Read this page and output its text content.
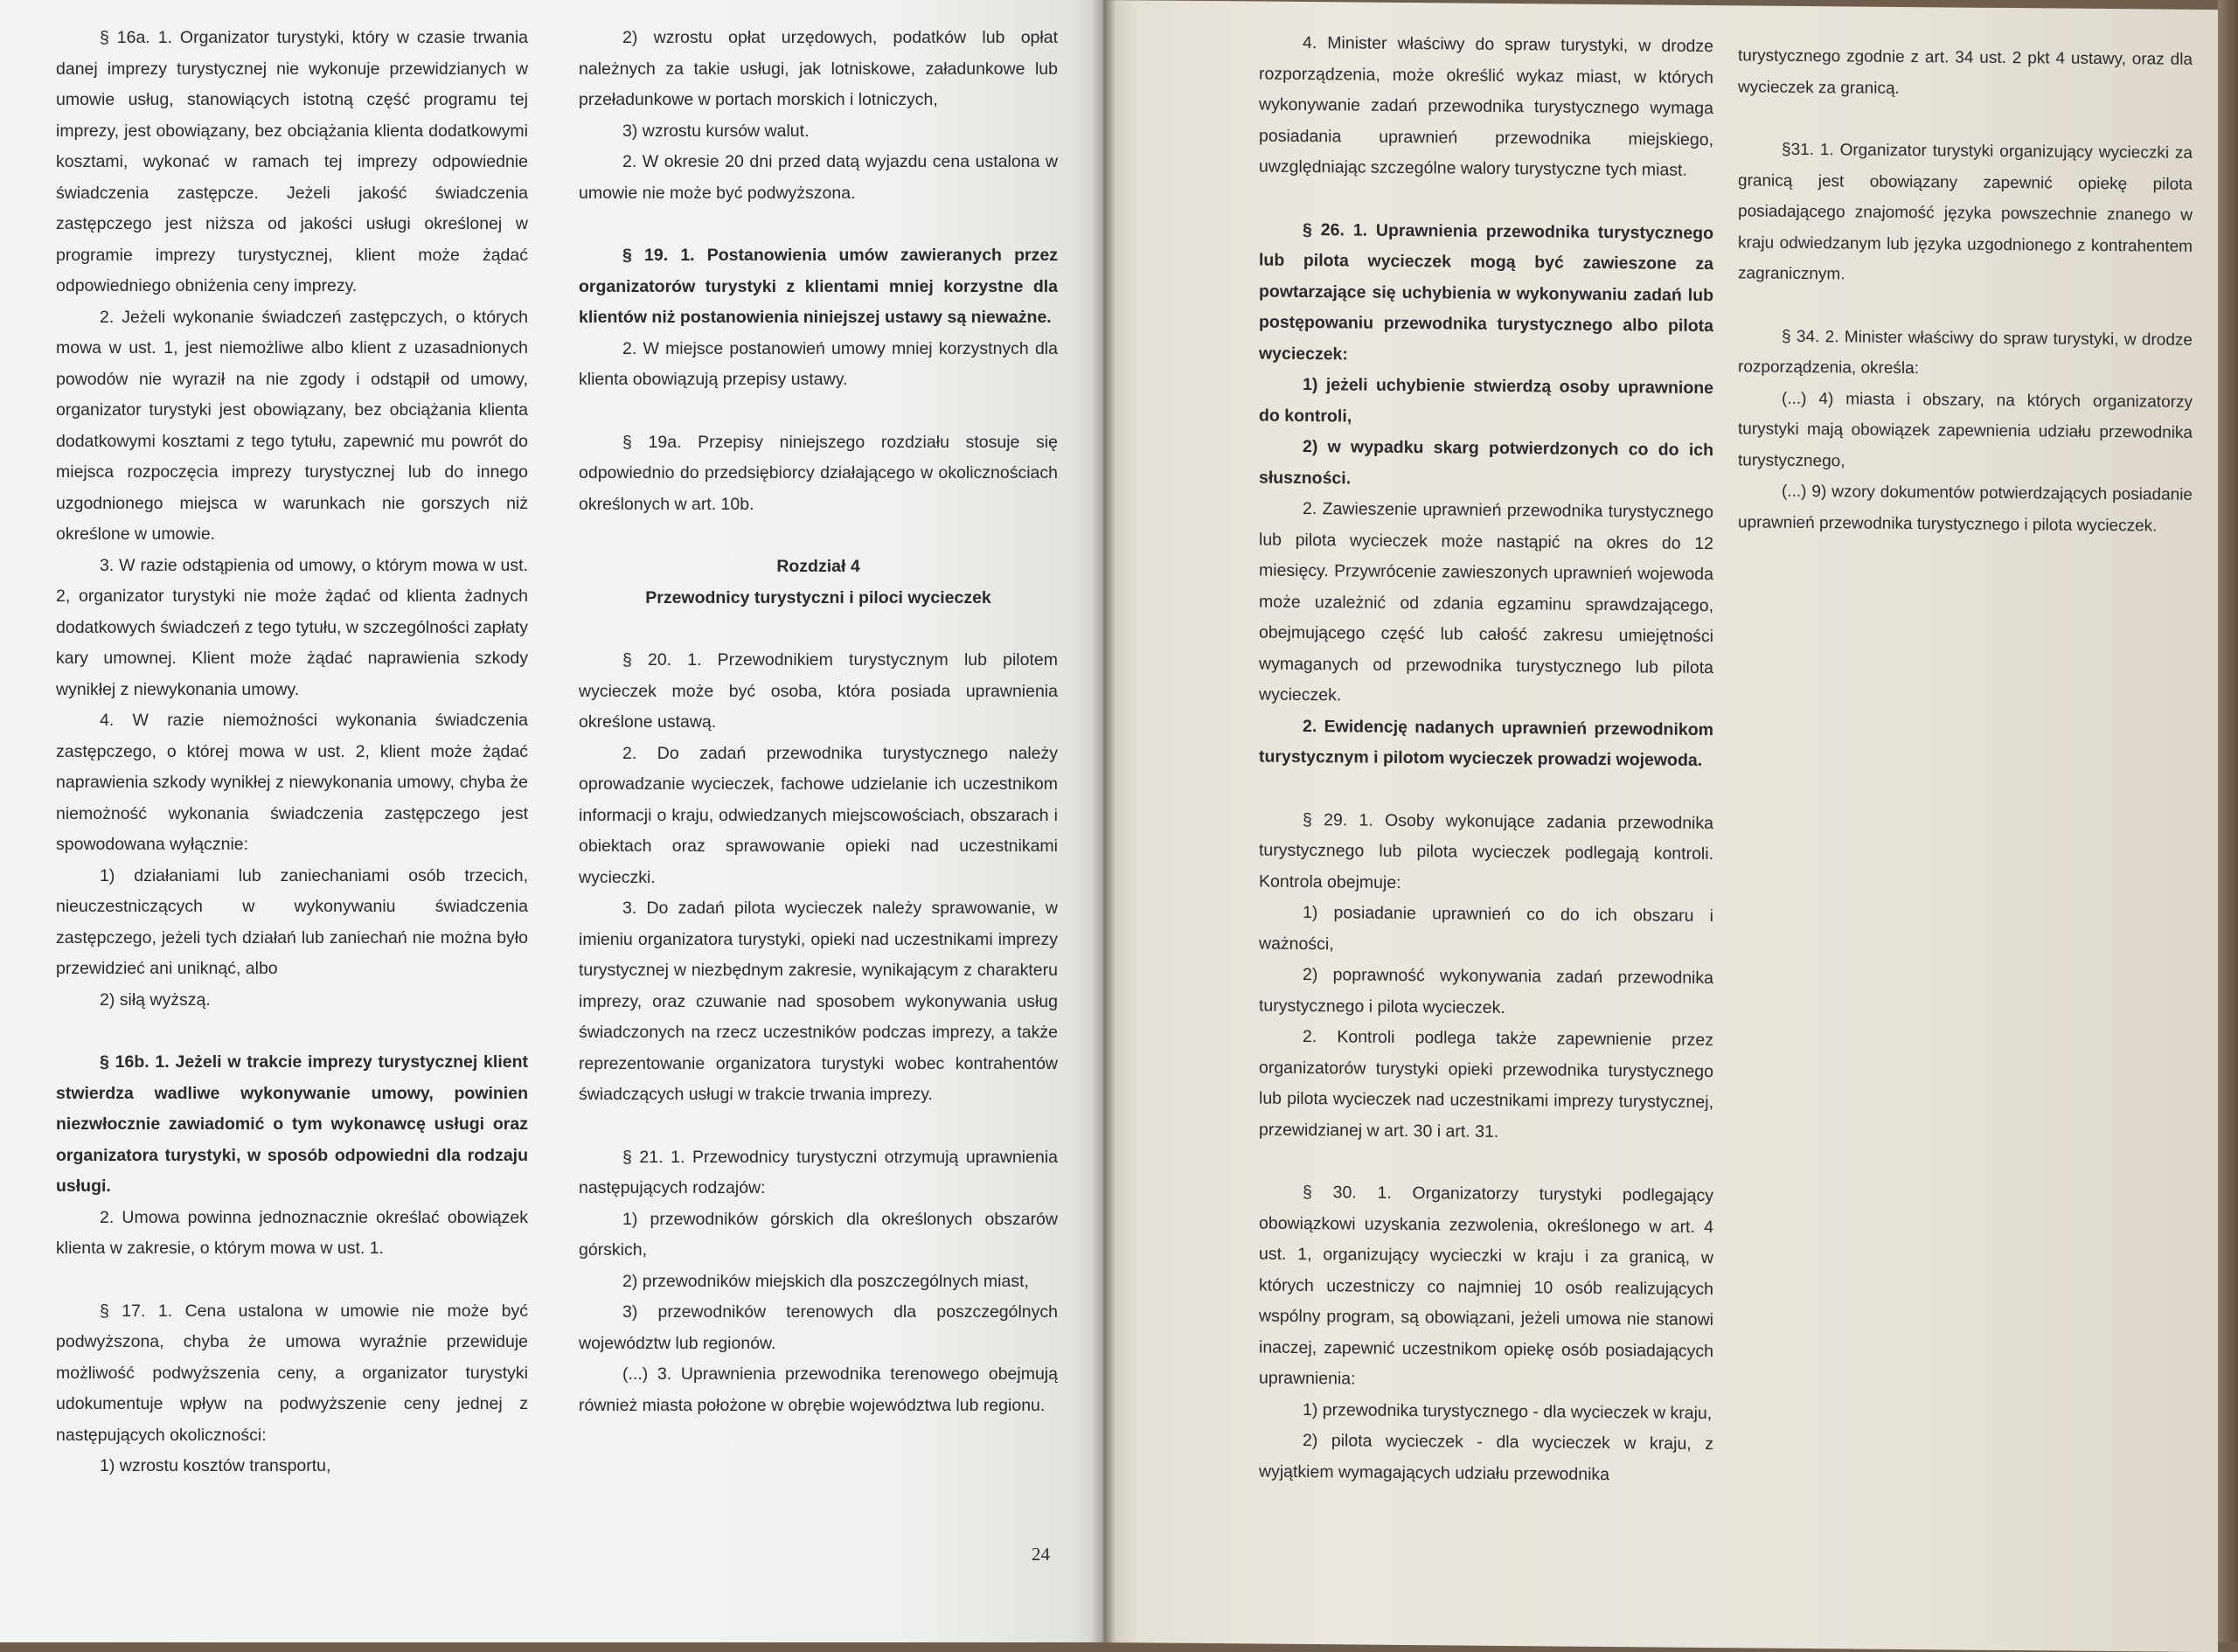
§ 16a. 1. Organizator turystyki, który w czasie trwania danej imprezy turystycznej nie wykonuje przewidzianych w umowie usług, stanowiących istotną część programu tej imprezy, jest obowiązany, bez obciążania klienta dodatkowymi kosztami, wykonać w ramach tej imprezy odpowiednie świadczenia zastępcze. Jeżeli jakość świadczenia zastępczego jest niższa od jakości usługi określonej w programie imprezy turystycznej, klient może żądać odpowiedniego obniżenia ceny imprezy.

2. Jeżeli wykonanie świadczeń zastępczych, o których mowa w ust. 1, jest niemożliwe albo klient z uzasadnionych powodów nie wyraził na nie zgody i odstąpił od umowy, organizator turystyki jest obowiązany, bez obciążania klienta dodatkowymi kosztami z tego tytułu, zapewnić mu powrót do miejsca rozpoczęcia imprezy turystycznej lub do innego uzgodnionego miejsca w warunkach nie gorszych niż określone w umowie.

3. W razie odstąpienia od umowy, o którym mowa w ust. 2, organizator turystyki nie może żądać od klienta żadnych dodatkowych świadczeń z tego tytułu, w szczególności zapłaty kary umownej. Klient może żądać naprawienia szkody wynikłej z niewykonania umowy.

4. W razie niemożności wykonania świadczenia zastępczego, o której mowa w ust. 2, klient może żądać naprawienia szkody wynikłej z niewykonania umowy, chyba że niemożność wykonania świadczenia zastępczego jest spowodowana wyłącznie:

1) działaniami lub zaniechaniami osób trzecich, nieuczestniczących w wykonywaniu świadczenia zastępczego, jeżeli tych działań lub zaniechań nie można było przewidzieć ani uniknąć, albo

2) siłą wyższą.

§ 16b. 1. Jeżeli w trakcie imprezy turystycznej klient stwierdza wadliwe wykonywanie umowy, powinien niezwłocznie zawiadomić o tym wykonawcę usługi oraz organizatora turystyki, w sposób odpowiedni dla rodzaju usługi.

2. Umowa powinna jednoznacznie określać obowiązek klienta w zakresie, o którym mowa w ust. 1.

§ 17. 1. Cena ustalona w umowie nie może być podwyższona, chyba że umowa wyraźnie przewiduje możliwość podwyższenia ceny, a organizator turystyki udokumentuje wpływ na podwyższenie ceny jednej z następujących okoliczności:

1) wzrostu kosztów transportu,

2) wzrostu opłat urzędowych, podatków lub opłat należnych za takie usługi, jak lotniskowe, załadunkowe lub przeładunkowe w portach morskich i lotniczych,

3) wzrostu kursów walut.

2. W okresie 20 dni przed datą wyjazdu cena ustalona w umowie nie może być podwyższona.

§ 19. 1. Postanowienia umów zawieranych przez organizatorów turystyki z klientami mniej korzystne dla klientów niż postanowienia niniejszej ustawy są nieważne.

2. W miejsce postanowień umowy mniej korzystnych dla klienta obowiązują przepisy ustawy.

§ 19a. Przepisy niniejszego rozdziału stosuje się odpowiednio do przedsiębiorcy działającego w okolicznościach określonych w art. 10b.

Rozdział 4

Przewodnicy turystyczni i piloci wycieczek

§ 20. 1. Przewodnikiem turystycznym lub pilotem wycieczek może być osoba, która posiada uprawnienia określone ustawą.

2. Do zadań przewodnika turystycznego należy oprowadzanie wycieczek, fachowe udzielanie ich uczestnikom informacji o kraju, odwiedzanych miejscowościach, obszarach i obiektach oraz sprawowanie opieki nad uczestnikami wycieczki.

3. Do zadań pilota wycieczek należy sprawowanie, w imieniu organizatora turystyki, opieki nad uczestnikami imprezy turystycznej w niezbędnym zakresie, wynikającym z charakteru imprezy, oraz czuwanie nad sposobem wykonywania usług świadczonych na rzecz uczestników podczas imprezy, a także reprezentowanie organizatora turystyki wobec kontrahentów świadczących usługi w trakcie trwania imprezy.

§ 21. 1. Przewodnicy turystyczni otrzymują uprawnienia następujących rodzajów:

1) przewodników górskich dla określonych obszarów górskich,

2) przewodników miejskich dla poszczególnych miast,

3) przewodników terenowych dla poszczególnych województw lub regionów.

(...) 3. Uprawnienia przewodnika terenowego obejmują również miasta położone w obrębie województwa lub regionu.

24

4. Minister właściwy do spraw turystyki, w drodze rozporządzenia, może określić wykaz miast, w których wykonywanie zadań przewodnika turystycznego wymaga posiadania uprawnień przewodnika miejskiego, uwzględniając szczególne walory turystyczne tych miast.

§ 26. 1. Uprawnienia przewodnika turystycznego lub pilota wycieczek mogą być zawieszone za powtarzające się uchybienia w wykonywaniu zadań lub postępowaniu przewodnika turystycznego albo pilota wycieczek:

1) jeżeli uchybienie stwierdzą osoby uprawnione do kontroli,

2) w wypadku skarg potwierdzonych co do ich słuszności.

2. Zawieszenie uprawnień przewodnika turystycznego lub pilota wycieczek może nastąpić na okres do 12 miesięcy. Przywrócenie zawieszonych uprawnień wojewoda może uzależnić od zdania egzaminu sprawdzającego, obejmującego część lub całość zakresu umiejętności wymaganych od przewodnika turystycznego lub pilota wycieczek.

2. Ewidencję nadanych uprawnień przewodnikom turystycznym i pilotom wycieczek prowadzi wojewoda.

§ 29. 1. Osoby wykonujące zadania przewodnika turystycznego lub pilota wycieczek podlegają kontroli. Kontrola obejmuje:

1) posiadanie uprawnień co do ich obszaru i ważności,

2) poprawność wykonywania zadań przewodnika turystycznego i pilota wycieczek.

2. Kontroli podlega także zapewnienie przez organizatorów turystyki opieki przewodnika turystycznego lub pilota wycieczek nad uczestnikami imprezy turystycznej, przewidzianej w art. 30 i art. 31.

§ 30. 1. Organizatorzy turystyki podlegający obowiązkowi uzyskania zezwolenia, określonego w art. 4 ust. 1, organizujący wycieczki w kraju i za granicą, w których uczestniczy co najmniej 10 osób realizujących wspólny program, są obowiązani, jeżeli umowa nie stanowi inaczej, zapewnić uczestnikom opiekę osób posiadających uprawnienia:

1) przewodnika turystycznego - dla wycieczek w kraju,

2) pilota wycieczek - dla wycieczek w kraju, z wyjątkiem wymagających udziału przewodnika

turystycznego zgodnie z art. 34 ust. 2 pkt 4 ustawy, oraz dla wycieczek za granicą.

§31. 1. Organizator turystyki organizujący wycieczki za granicą jest obowiązany zapewnić opiekę pilota posiadającego znajomość języka powszechnie znanego w kraju odwiedzanym lub języka uzgodnionego z kontrahentem zagranicznym.

§ 34. 2. Minister właściwy do spraw turystyki, w drodze rozporządzenia, określa:

(...) 4) miasta i obszary, na których organizatorzy turystyki mają obowiązek zapewnienia udziału przewodnika turystycznego,

(...) 9) wzory dokumentów potwierdzających posiadanie uprawnień przewodnika turystycznego i pilota wycieczek.
